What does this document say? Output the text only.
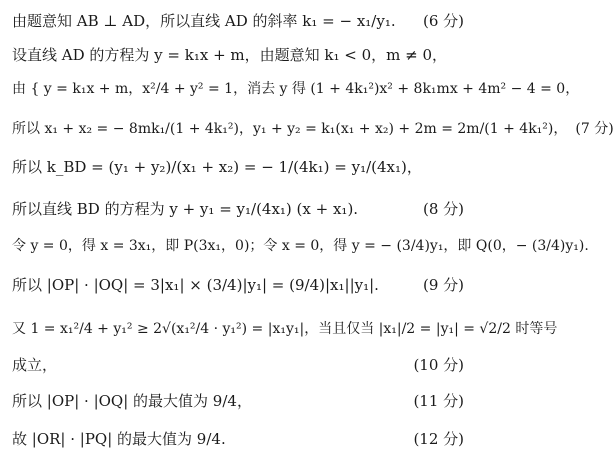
由题意知 AB ⊥ AD，所以直线 AD 的斜率 k₁ = − x₁/y₁.	(6 分)
设直线 AD 的方程为 y = k₁x + m，由题意知 k₁ < 0，m ≠ 0，
由 { y = k₁x + m，x²/4 + y² = 1，消去 y 得 (1 + 4k₁²)x² + 8k₁mx + 4m² − 4 = 0，
所以 x₁ + x₂ = − 8mk₁/(1 + 4k₁²)，y₁ + y₂ = k₁(x₁ + x₂) + 2m = 2m/(1 + 4k₁²)， (7 分)
所以 k_BD = (y₁ + y₂)/(x₁ + x₂) = − 1/(4k₁) = y₁/(4x₁)，
所以直线 BD 的方程为 y + y₁ = y₁/(4x₁) (x + x₁).	(8 分)
令 y = 0，得 x = 3x₁，即 P(3x₁，0)；令 x = 0，得 y = − (3/4)y₁，即 Q(0，− (3/4)y₁).
所以 |OP| · |OQ| = 3|x₁| × (3/4)|y₁| = (9/4)|x₁||y₁|.	(9 分)
又 1 = x₁²/4 + y₁² ≥ 2√(x₁²/4 · y₁²) = |x₁y₁|，当且仅当 |x₁|/2 = |y₁| = √2/2 时等号
成立，	(10 分)
所以 |OP| · |OQ| 的最大值为 9/4，	(11 分)
故 |OR| · |PQ| 的最大值为 9/4.	(12 分)
